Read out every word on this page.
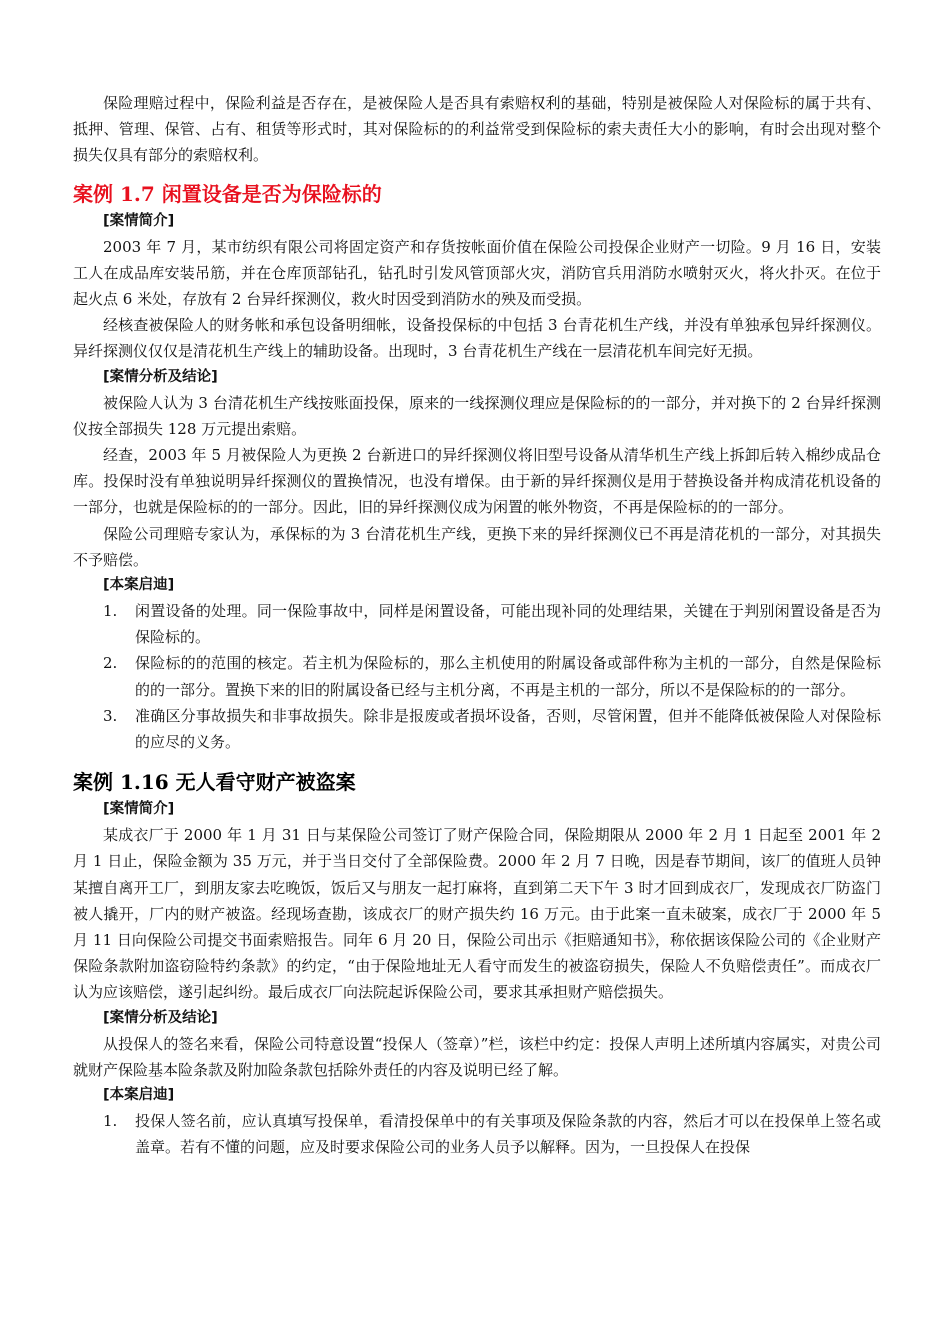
保险理赔过程中，保险利益是否存在，是被保险人是否具有索赔权利的基础，特别是被保险人对保险标的属于共有、抵押、管理、保管、占有、租赁等形式时，其对保险标的的利益常受到保险标的索夫责任大小的影响，有时会出现对整个损失仅具有部分的索赔权利。

案例 1.7 闲置设备是否为保险标的
[案情简介]

2003 年 7 月，某市纺织有限公司将固定资产和存货按帐面价值在保险公司投保企业财产一切险。9 月 16 日，安装工人在成品库安装吊筋，并在仓库顶部钻孔，钻孔时引发风管顶部火灾，消防官兵用消防水喷射灭火，将火扑灭。在位于起火点 6 米处，存放有 2 台异纤探测仪，救火时因受到消防水的殃及而受损。

经核查被保险人的财务帐和承包设备明细帐，设备投保标的中包括 3 台青花机生产线，并没有单独承包异纤探测仪。异纤探测仪仅仅是清花机生产线上的辅助设备。出现时，3 台青花机生产线在一层清花机车间完好无损。

[案情分析及结论]

被保险人认为 3 台清花机生产线按账面投保，原来的一线探测仪理应是保险标的的一部分，并对换下的 2 台异纤探测仪按全部损失 128 万元提出索赔。

经查，2003 年 5 月被保险人为更换 2 台新进口的异纤探测仪将旧型号设备从清华机生产线上拆卸后转入棉纱成品仓库。投保时没有单独说明异纤探测仪的置换情况，也没有增保。由于新的异纤探测仪是用于替换设备并构成清花机设备的一部分，也就是保险标的的一部分。因此，旧的异纤探测仪成为闲置的帐外物资，不再是保险标的的一部分。

保险公司理赔专家认为，承保标的为 3 台清花机生产线，更换下来的异纤探测仪已不再是清花机的一部分，对其损失不予赔偿。

[本案启迪]
1. 闲置设备的处理。同一保险事故中，同样是闲置设备，可能出现补同的处理结果，关键在于判别闲置设备是否为保险标的。
2. 保险标的的范围的核定。若主机为保险标的，那么主机使用的附属设备或部件称为主机的一部分，自然是保险标的的一部分。置换下来的旧的附属设备已经与主机分离，不再是主机的一部分，所以不是保险标的的一部分。
3. 准确区分事故损失和非事故损失。除非是报废或者损坏设备，否则，尽管闲置，但并不能降低被保险人对保险标的应尽的义务。
案例 1.16 无人看守财产被盗案
[案情简介]

某成衣厂于 2000 年 1 月 31 日与某保险公司签订了财产保险合同，保险期限从 2000 年 2 月 1 日起至 2001 年 2 月 1 日止，保险金额为 35 万元，并于当日交付了全部保险费。2000 年 2 月 7 日晚，因是春节期间，该厂的值班人员钟某擅自离开工厂，到朋友家去吃晚饭，饭后又与朋友一起打麻将，直到第二天下午 3 时才回到成衣厂，发现成衣厂防盗门被人撬开，厂内的财产被盗。经现场查勘，该成衣厂的财产损失约 16 万元。由于此案一直未破案，成衣厂于 2000 年 5 月 11 日向保险公司提交书面索赔报告。同年 6 月 20 日，保险公司出示《拒赔通知书》，称依据该保险公司的《企业财产保险条款附加盗窃险特约条款》的约定，“由于保险地址无人看守而发生的被盗窃损失，保险人不负赔偿责任”。而成衣厂认为应该赔偿，遂引起纠纷。最后成衣厂向法院起诉保险公司，要求其承担财产赔偿损失。

[案情分析及结论]

从投保人的签名来看，保险公司特意设置“投保人（签章）”栏，该栏中约定：投保人声明上述所填内容属实，对贵公司就财产保险基本险条款及附加险条款包括除外责任的内容及说明已经了解。

[本案启迪]
1. 投保人签名前，应认真填写投保单，看清投保单中的有关事项及保险条款的内容，然后才可以在投保单上签名或盖章。若有不懂的问题，应及时要求保险公司的业务人员予以解释。因为，一旦投保人在投保
